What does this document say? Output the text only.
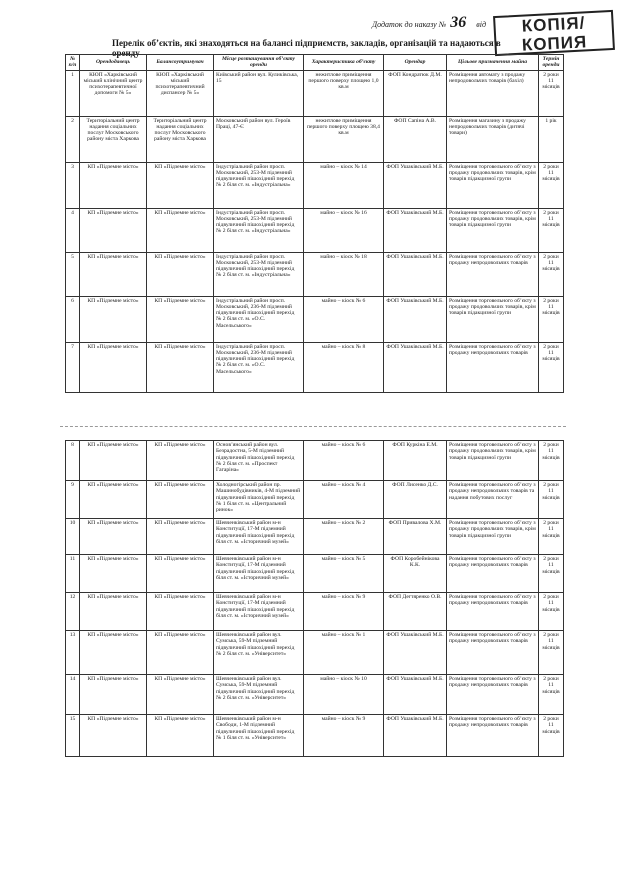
Додаток до наказу № 36 від	КОПІЯ/
КОПИЯ
Перелік об’єктів, які знаходяться на балансі підприємств, закладів, організацій та надаються в оренду
№ п/п	Орендодавець	Балансоутримувач	Місце розташування об’єкту оренди	Характеристика об’єкту	Орендар	Цільове призначення майна	Термін оренди
1	КЮП «Харківський міський клінічний центр психотерапевтичної допомоги № 5»	КЮП «Харківський міський психотерапевтичний диспансер № 5»	Київський район вул. Куликівська, 15	нежитлове приміщення першого поверху площею 1,0 кв.м	ФОП Кондратюк Д.М.	Розміщення автомату з продажу непродовольчих товарів (бахіл)	2 роки 11 місяців
2	Територіальний центр надання соціальних послуг Московського району міста Харкова	Територіальний центр надання соціальних послуг Московського району міста Харкова	Московський район вул. Героїв Праці, 47-Є	нежитлове приміщення першого поверху площею 38,4 кв.м	ФОП Сапіна А.В.	Розміщення магазину з продажу непродовольчих товарів (дитячі товари)	1 рік
3	КП «Підземне місто»	КП «Підземне місто»	Індустріальний район просп. Московський, 253-М підземний підвуличний пішохідний перехід № 2 біля ст. м. «Індустріальна»	майно – кіоск № 14	ФОП Ушаківський М.Б.	Розміщення торговельного об’єкту з продажу продовольчих товарів, крім товарів підакцизної групи	2 роки 11 місяців
4	КП «Підземне місто»	КП «Підземне місто»	Індустріальний район просп. Московський, 253-М підземний підвуличний пішохідний перехід № 2 біля ст. м. «Індустріальна»	майно – кіоск № 16	ФОП Ушаківський М.Б.	Розміщення торговельного об’єкту з продажу продовольчих товарів, крім товарів підакцизної групи	2 роки 11 місяців
5	КП «Підземне місто»	КП «Підземне місто»	Індустріальний район просп. Московський, 253-М підземний підвуличний пішохідний перехід № 2 біля ст. м. «Індустріальна»	майно – кіоск № 18	ФОП Ушаківський М.Б.	Розміщення торговельного об’єкту з продажу непродовольчих товарів	2 роки 11 місяців
6	КП «Підземне місто»	КП «Підземне місто»	Індустріальний район просп. Московський, 236-М підземний підвуличний пішохідний перехід № 2 біля ст. м. «О.С. Масельського»	майно – кіоск № 6	ФОП Ушаківський М.Б.	Розміщення торговельного об’єкту з продажу продовольчих товарів, крім товарів підакцизної групи	2 роки 11 місяців
7	КП «Підземне місто»	КП «Підземне місто»	Індустріальний район просп. Московський, 236-М підземний підвуличний пішохідний перехід № 2 біля ст. м. «О.С. Масельського»	майно – кіоск № 8	ФОП Ушаківський М.Б.	Розміщення торговельного об’єкту з продажу непродовольчих товарів	2 роки 11 місяців
8	КП «Підземне місто»	КП «Підземне місто»	Основ’янський район вул. Безрадостна, 5-М підземний підвуличний пішохідний перехід № 2 біля ст. м. «Проспект Гагаріна»	майно – кіоск № 6	ФОП Куркіна Е.М.	Розміщення торговельного об’єкту з продажу продовольчих товарів, крім товарів підакцизної групи	2 роки 11 місяців
9	КП «Підземне місто»	КП «Підземне місто»	Холодногірський район пр. Машинобудівників, 4-М підземний підвуличний пішохідний перехід № 1 біля ст. м. «Центральний ринок»	майно – кіоск № 4	ФОП Лисенко Д.С.	Розміщення торговельного об’єкту з продажу непродовольчих товарів та надання побутових послуг	2 роки 11 місяців
10	КП «Підземне місто»	КП «Підземне місто»	Шевченківський район м-н Конституції, 17-М підземний підвуличний пішохідний перехід біля ст. м. «Історичний музей»	майно – кіоск № 2	ФОП Привалова Х.М.	Розміщення торговельного об’єкту з продажу продовольчих товарів, крім товарів підакцизної групи	2 роки 11 місяців
11	КП «Підземне місто»	КП «Підземне місто»	Шевченківський район м-н Конституції, 17-М підземний підвуличний пішохідний перехід біля ст. м. «Історичний музей»	майно – кіоск № 5	ФОП Коробейнікова К.К.	Розміщення торговельного об’єкту з продажу непродовольчих товарів	2 роки 11 місяців
12	КП «Підземне місто»	КП «Підземне місто»	Шевченківський район м-н Конституції, 17-М підземний підвуличний пішохідний перехід біля ст. м. «Історичний музей»	майно – кіоск № 9	ФОП Дегтяренко О.В.	Розміщення торговельного об’єкту з продажу непродовольчих товарів	2 роки 11 місяців
13	КП «Підземне місто»	КП «Підземне місто»	Шевченківський район вул. Сумська, 59-М підземний підвуличний пішохідний перехід № 2 біля ст. м. «Університет»	майно – кіоск № 1	ФОП Ушаківський М.Б.	Розміщення торговельного об’єкту з продажу непродовольчих товарів	2 роки 11 місяців
14	КП «Підземне місто»	КП «Підземне місто»	Шевченківський район вул. Сумська, 59-М підземний підвуличний пішохідний перехід № 2 біля ст. м. «Університет»	майно – кіоск № 10	ФОП Ушаківський М.Б.	Розміщення торговельного об’єкту з продажу непродовольчих товарів	2 роки 11 місяців
15	КП «Підземне місто»	КП «Підземне місто»	Шевченківський район м-н Свободи, 1-М підземний підвуличний пішохідний перехід № 1 біля ст. м. «Університет»	майно – кіоск № 9	ФОП Ушаківський М.Б.	Розміщення торговельного об’єкту з продажу непродовольчих товарів	2 роки 11 місяців
